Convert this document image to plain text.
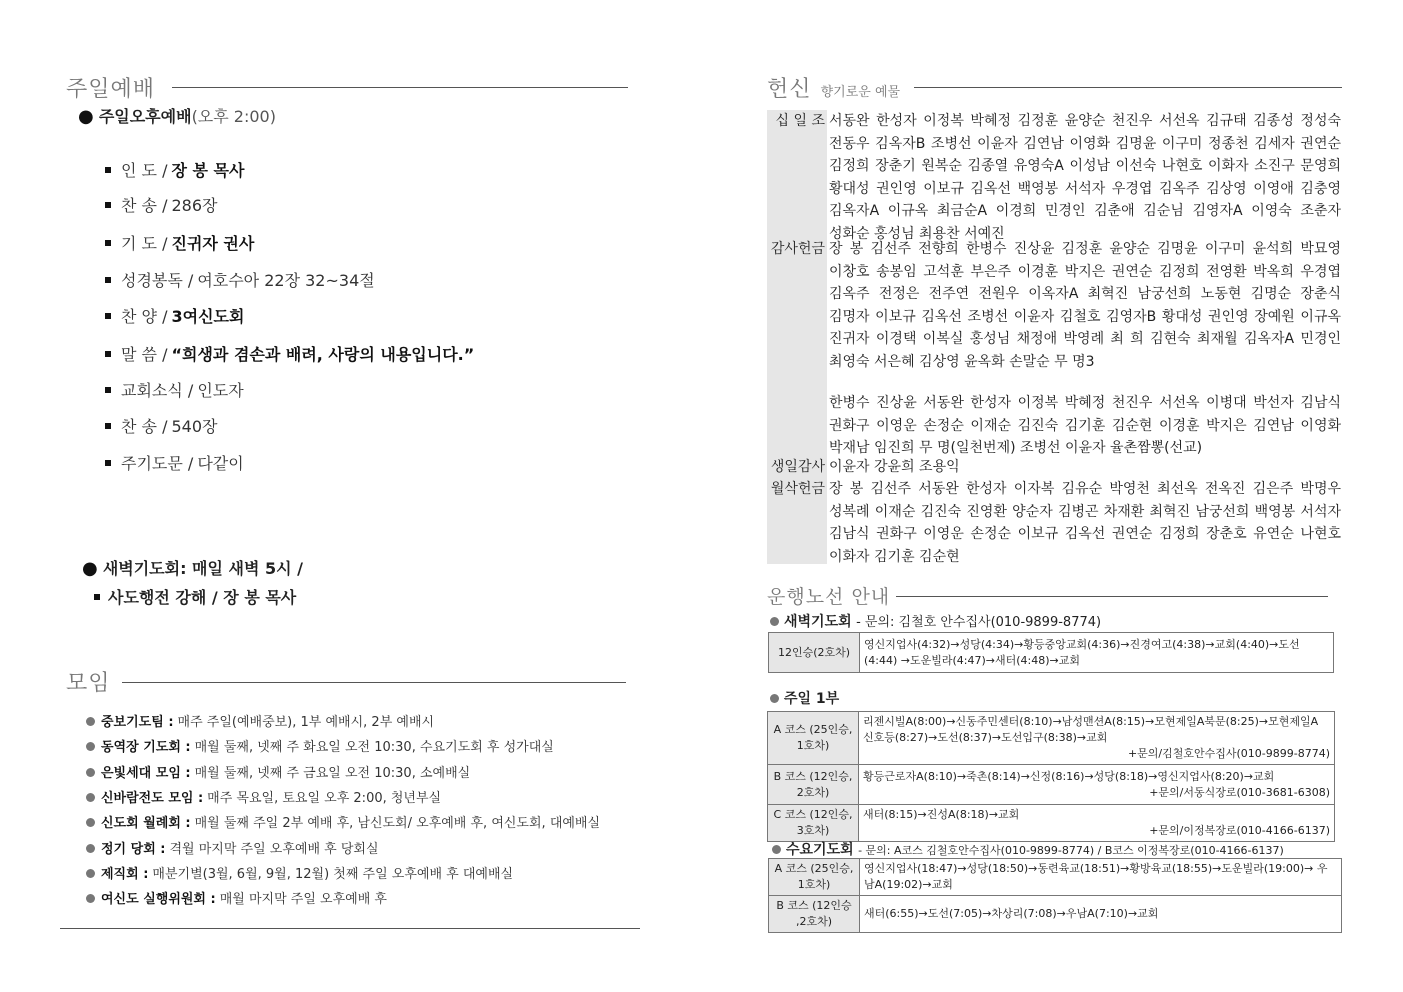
주일예배
● 주일오후예배(오후 2:00)
인 도 / 장 봉 목사
찬 송 / 286장
기 도 / 진귀자 권사
성경봉독 / 여호수아 22장 32~34절
찬 양 / 3여신도회
말 씀 / “희생과 겸손과 배려, 사랑의 내용입니다.”
교회소식 / 인도자
찬 송 / 540장
주기도문 / 다같이
● 새벽기도회: 매일 새벽 5시 /
사도행전 강해 / 장 봉 목사
모임
중보기도팀 : 매주 주일(예배중보), 1부 예배시, 2부 예배시
동역장 기도회 : 매월 둘째, 넷째 주 화요일 오전 10:30, 수요기도회 후 성가대실
은빛세대 모임 : 매월 둘째, 넷째 주 금요일 오전 10:30, 소예배실
신바람전도 모임 : 매주 목요일, 토요일 오후 2:00, 청년부실
신도회 월례회 : 매월 둘째 주일 2부 예배 후, 남신도회/ 오후예배 후, 여신도회, 대예배실
정기 당회 : 격월 마지막 주일 오후예배 후 당회실
제직회 : 매분기별(3월, 6월, 9월, 12월) 첫째 주일 오후예배 후 대예배실
여신도 실행위원회 : 매월 마지막 주일 오후예배 후
헌신 향기로운 예물
십 일 조 서동완 한성자 이정복 박혜정 김정훈 윤양순 천진우 서선옥 김규태 김종성 정성숙 전동우 김옥자B 조병선 이윤자 김연남 이영화 김명윤 이구미 정종천 김세자 권연순 김정희 장춘기 원복순 김종열 유영숙A 이성남 이선숙 나현호 이화자 소진구 문영희 황대성 권인영 이보규 김옥선 백영봉 서석자 우경엽 김옥주 김상영 이영애 김충영 김옥자A 이규옥 최금순A 이경희 민경인 김춘애 김순님 김영자A 이영숙 조춘자 성화순 홍성님 최용찬 서예진
감사헌금 장 봉 김선주 전향희 한병수 진상윤 김정훈 윤양순 김명윤 이구미 윤석희 박묘영 이창호 송봉임 고석훈 부은주 이경훈 박지은 권연순 김정희 전영환 박옥희 우경엽 김옥주 전정은 전주연 전원우 이옥자A 최혁진 남궁선희 노동현 김명순 장춘식 김명자 이보규 김옥선 조병선 이윤자 김철호 김영자B 황대성 권인영 장예원 이규옥 진귀자 이경택 이복실 홍성님 채정애 박영례 최 희 김현숙 최재월 김옥자A 민경인 최영숙 서은혜 김상영 윤옥화 손말순 무 명3
한병수 진상윤 서동완 한성자 이정복 박혜정 천진우 서선옥 이병대 박선자 김남식 권화구 이영운 손정순 이재순 김진숙 김기훈 김순현 이경훈 박지은 김연남 이영화 박재남 임진희 무 명(일천번제) 조병선 이윤자 율촌짬뽕(선교)
생일감사 이윤자 강윤희 조용익
월삭헌금 장 봉 김선주 서동완 한성자 이자복 김유순 박영천 최선옥 전옥진 김은주 박명우 성복례 이재순 김진숙 진영환 양순자 김병곤 차재환 최혁진 남궁선희 백영봉 서석자 김남식 권화구 이영운 손정순 이보규 김옥선 권연순 김정희 장춘호 유연순 나현호 이화자 김기훈 김순현
운행노선 안내
새벽기도회 - 문의: 김철호 안수집사(010-9899-8774)
12인승(2호차)	영신지업사(4:32)→성당(4:34)→황등중앙교회(4:36)→진경여고(4:38)→교회(4:40)→도선(4:44) →도운빌라(4:47)→새터(4:48)→교회
주일 1부
A 코스 (25인승, 1호차)	리젠시빌A(8:00)→신동주민센터(8:10)→남성맨션A(8:15)→모현제일A북문(8:25)→모현제일A 신호등(8:27)→도선(8:37)→도선입구(8:38)→교회

+문의/김철호안수집사(010-9899-8774)

B 코스 (12인승, 2호차)	황등근로자A(8:10)→죽촌(8:14)→신정(8:16)→성당(8:18)→영신지업사(8:20)→교회

+문의/서동식장로(010-3681-6308)

C 코스 (12인승, 3호차)	새터(8:15)→진성A(8:18)→교회

+문의/이정복장로(010-4166-6137)
수요기도회 - 문의: A코스 김철호안수집사(010-9899-8774) / B코스 이정복장로(010-4166-6137)
A 코스 (25인승, 1호차)	영신지업사(18:47)→성당(18:50)→동련육교(18:51)→황방육교(18:55)→도운빌라(19:00)→ 우남A(19:02)→교회
B 코스 (12인승 ,2호차)	새터(6:55)→도선(7:05)→차상리(7:08)→우남A(7:10)→교회
